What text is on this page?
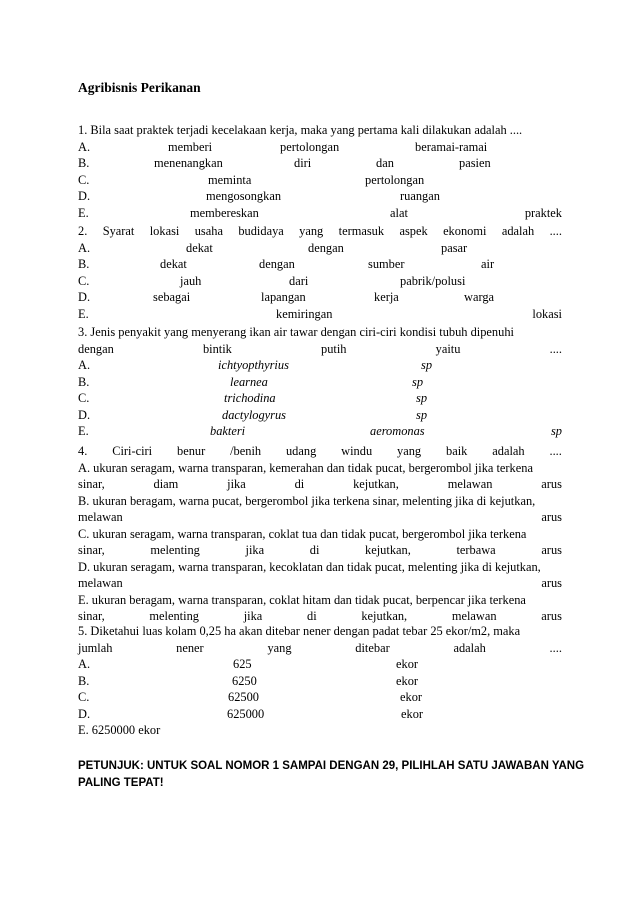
Agribisnis Perikanan
1. Bila saat praktek terjadi kecelakaan kerja, maka yang pertama kali dilakukan adalah ....
A.	memberi	pertolongan	beramai-ramai
B.	menenangkan	diri	dan	pasien
C.	meminta	pertolongan
D.	mengosongkan	ruangan
E.	membereskan	alat	praktek
2. Syarat lokasi usaha budidaya yang termasuk aspek ekonomi adalah ....
A.	dekat	dengan	pasar
B.	dekat	dengan	sumber	air
C.	jauh	dari	pabrik/polusi
D.	sebagai	lapangan	kerja	warga
E.	kemiringan	lokasi
3. Jenis penyakit yang menyerang ikan air tawar dengan ciri-ciri kondisi tubuh dipenuhi
dengan	bintik	putih	yaitu	....
A.	ichtyopthyrius	sp
B.	learnea	sp
C.	trichodina	sp
D.	dactylogyrus	sp
E.	bakteri	aeromonas	sp
4. Ciri-ciri benur /benih udang windu yang baik adalah ....
A. ukuran seragam, warna transparan, kemerahan dan tidak pucat, bergerombol jika terkena
sinar,	diam	jika	di	kejutkan,	melawan	arus
B. ukuran beragam, warna pucat, bergerombol jika terkena sinar, melenting jika di kejutkan,
melawan	arus
C. ukuran seragam, warna transparan, coklat tua dan tidak pucat, bergerombol jika terkena
sinar,	melenting	jika	di	kejutkan,	terbawa	arus
D. ukuran seragam, warna transparan, kecoklatan dan tidak pucat, melenting jika di kejutkan,
melawan	arus
E. ukuran beragam, warna transparan, coklat hitam dan tidak pucat, berpencar jika terkena
sinar,	melenting	jika	di	kejutkan,	melawan	arus
5. Diketahui luas kolam 0,25 ha akan ditebar nener dengan padat tebar 25 ekor/m2, maka
jumlah	nener	yang	ditebar	adalah	....
A.	625	ekor
B.	6250	ekor
C.	62500	ekor
D.	625000	ekor
E. 6250000 ekor
PETUNJUK: UNTUK SOAL NOMOR 1 SAMPAI DENGAN 29, PILIHLAH SATU JAWABAN YANG
PALING TEPAT!
